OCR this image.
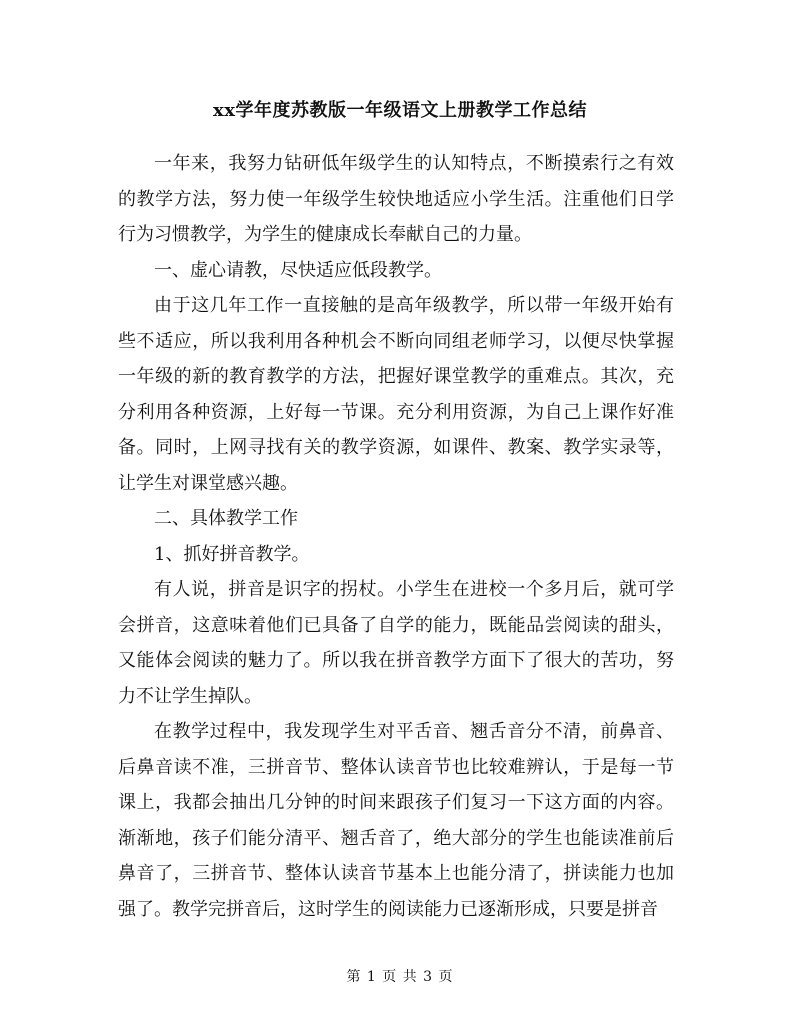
xx学年度苏教版一年级语文上册教学工作总结

一年来，我努力钻研低年级学生的认知特点，不断摸索行之有效的教学方法，努力使一年级学生较快地适应小学生活。注重他们日学行为习惯教学，为学生的健康成长奉献自己的力量。

一、虚心请教，尽快适应低段教学。

由于这几年工作一直接触的是高年级教学，所以带一年级开始有些不适应，所以我利用各种机会不断向同组老师学习，以便尽快掌握一年级的新的教育教学的方法，把握好课堂教学的重难点。其次，充分利用各种资源，上好每一节课。充分利用资源，为自己上课作好准备。同时，上网寻找有关的教学资源，如课件、教案、教学实录等，让学生对课堂感兴趣。

二、具体教学工作

1、抓好拼音教学。

有人说，拼音是识字的拐杖。小学生在进校一个多月后，就可学会拼音，这意味着他们已具备了自学的能力，既能品尝阅读的甜头，又能体会阅读的魅力了。所以我在拼音教学方面下了很大的苦功，努力不让学生掉队。

在教学过程中，我发现学生对平舌音、翘舌音分不清，前鼻音、后鼻音读不准，三拼音节、整体认读音节也比较难辨认，于是每一节课上，我都会抽出几分钟的时间来跟孩子们复习一下这方面的内容。渐渐地，孩子们能分清平、翘舌音了，绝大部分的学生也能读准前后鼻音了，三拼音节、整体认读音节基本上也能分清了，拼读能力也加强了。教学完拼音后，这时学生的阅读能力已逐渐形成，只要是拼音

第 1 页 共 3 页
